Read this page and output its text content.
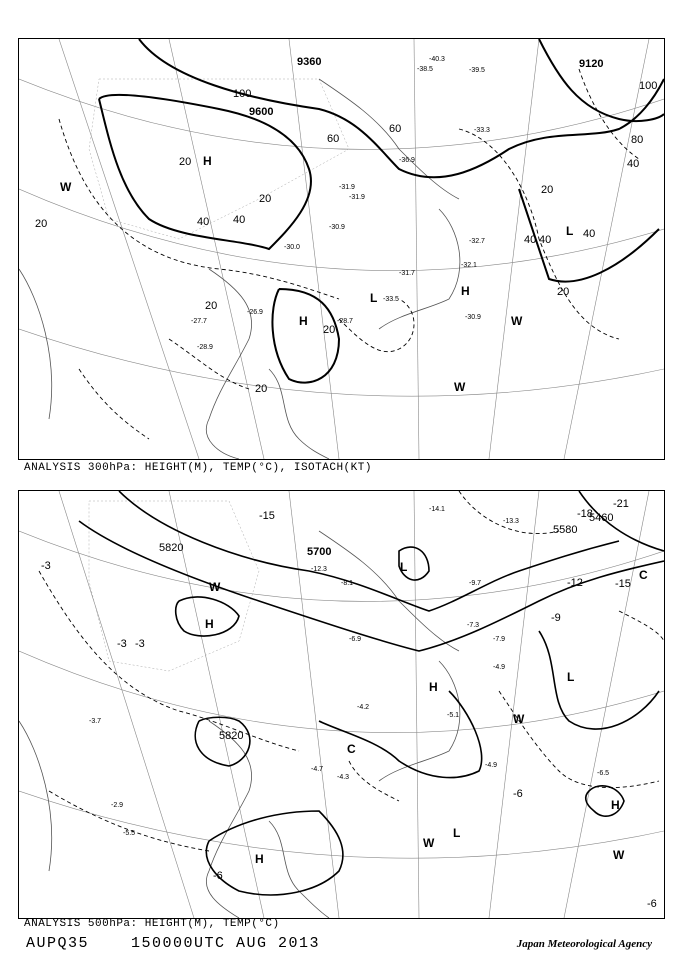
9360
9600
9120
100
60
40
20
80
20
40
20
40
20
40
20
60
100
40
20
20
20
40
-33.3
-38.5	-39.5
-33.5
-28.7
-30.9
-31.7
-32.1
-26.9
-31.9
-30.0
-31.9
-32.7
-28.9
-30.9
-27.7
-40.3
-36.9
H
H
L	H
L
W
W
W
ANALYSIS 300hPa: HEIGHT(M), TEMP(°C), ISOTACH(KT)
5700
5820
5580
5460
5820
-15
-12
-9
-6
-3
-3
-3
-18
-21
-15
-6
-6
-14.1
-13.3
-8.1	-9.7
-7.3
-7.9
-4.9
-4.2
-5.1
-4.9
-6.5
-2.9
-3.7
-5.5
-6.9
-12.3
-4.3
-4.7
H
L
H
L
H
H
L
C
C
W
W
W
W
ANALYSIS 500hPa: HEIGHT(M), TEMP(°C)
AUPQ35	150000UTC AUG 2013	Japan Meteorological Agency
